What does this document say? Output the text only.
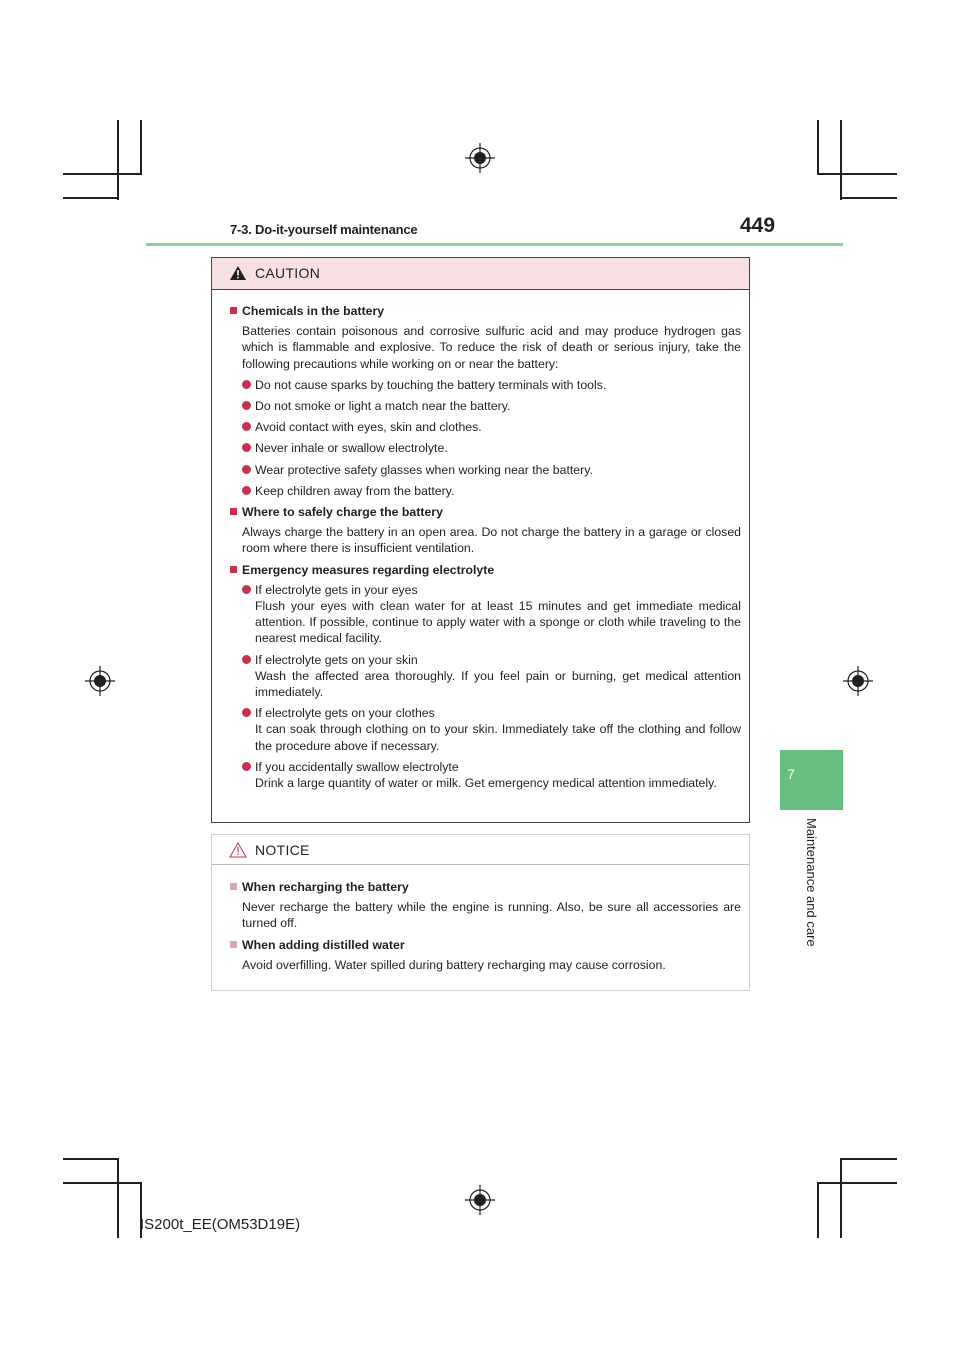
7-3. Do-it-yourself maintenance	449
7
Maintenance and care
CAUTION
Chemicals in the battery
Batteries contain poisonous and corrosive sulfuric acid and may produce hydrogen gas which is flammable and explosive. To reduce the risk of death or serious injury, take the following precautions while working on or near the battery:
Do not cause sparks by touching the battery terminals with tools.
Do not smoke or light a match near the battery.
Avoid contact with eyes, skin and clothes.
Never inhale or swallow electrolyte.
Wear protective safety glasses when working near the battery.
Keep children away from the battery.
Where to safely charge the battery
Always charge the battery in an open area. Do not charge the battery in a garage or closed room where there is insufficient ventilation.
Emergency measures regarding electrolyte
If electrolyte gets in your eyes
Flush your eyes with clean water for at least 15 minutes and get immediate medical attention. If possible, continue to apply water with a sponge or cloth while traveling to the nearest medical facility.
If electrolyte gets on your skin
Wash the affected area thoroughly. If you feel pain or burning, get medical attention immediately.
If electrolyte gets on your clothes
It can soak through clothing on to your skin. Immediately take off the clothing and follow the procedure above if necessary.
If you accidentally swallow electrolyte
Drink a large quantity of water or milk. Get emergency medical attention immediately.
NOTICE
When recharging the battery
Never recharge the battery while the engine is running. Also, be sure all accessories are turned off.
When adding distilled water
Avoid overfilling. Water spilled during battery recharging may cause corrosion.
IS200t_EE(OM53D19E)
